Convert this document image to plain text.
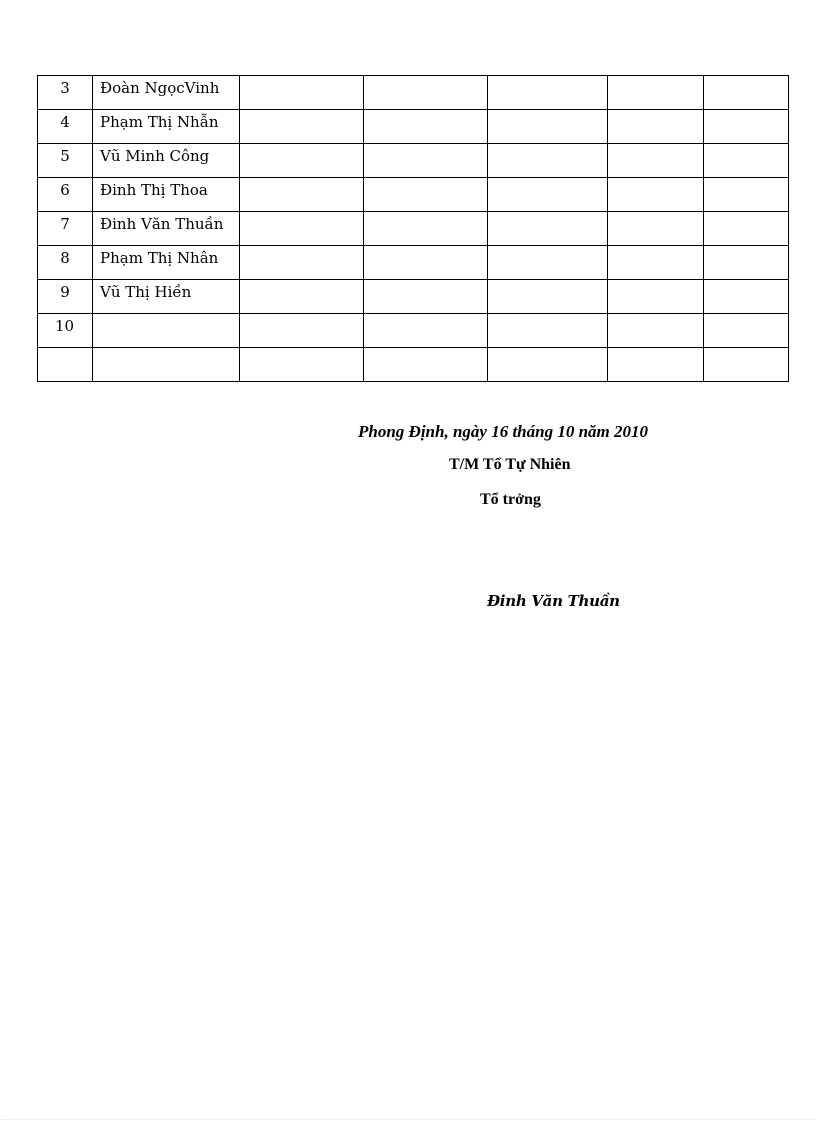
3	Đoàn NgọcVinh					
4	Phạm Thị Nhẫn					
5	Vũ Minh Công					
6	Đinh Thị Thoa					
7	Đinh Văn Thuần					
8	Phạm Thị Nhân					
9	Vũ Thị Hiền					
10						

Phong Định, ngày 16 tháng 10 năm 2010
T/M Tổ Tự Nhiên
Tổ trởng
Đinh Văn Thuần
